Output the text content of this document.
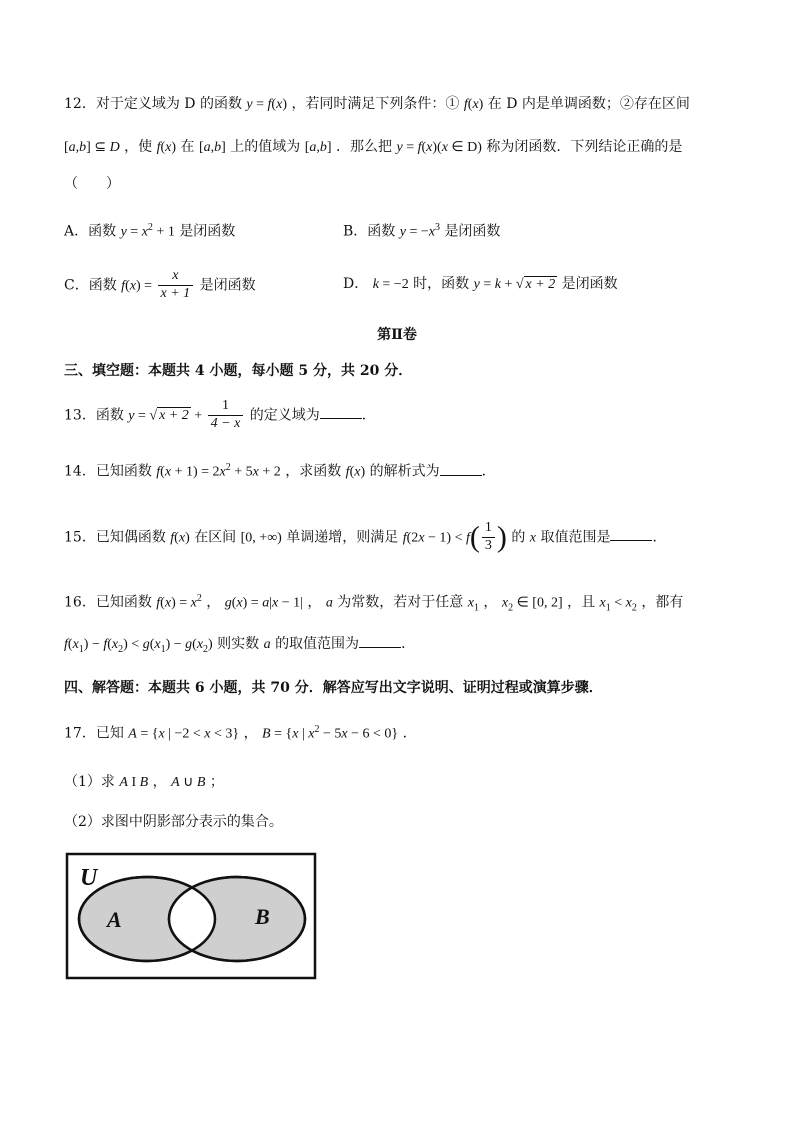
12．对于定义域为 D 的函数 y = f(x) ，若同时满足下列条件：① f(x) 在 D 内是单调函数；②存在区间
[a,b] ⊆ D ，使 f(x) 在 [a,b] 上的值域为 [a,b] ．那么把 y = f(x)(x ∈ D) 称为闭函数．下列结论正确的是
（　　）
A．函数 $y = x^2 + 1$ 是闭函数	B．函数 $y = -x^3$ 是闭函数
C．函数 $f(x) = \frac{x}{x + 1}$ 是闭函数	D． k = −2 时，函数 y = k + √ x + 2 是闭函数
第Ⅱ卷
三、填空题：本题共 4 小题，每小题 5 分，共 20 分．
13．函数 y = √ $x + 2 + \frac{1}{4 - x}$ 的定义域为	．
14．已知函数 $f(x + 1) = 2x^2 + 5x + 2$ ，求函数 f(x) 的解析式为	．
15．已知偶函数 f(x) 在区间 [0, +∞) 单调递增，则满足 $f(2x - 1) < f( \frac{1}{3}$ ) 的 x 取值范围是	．
16．已知函数 $f(x) = x^2$ ， g(x) = a|x − 1| ， a 为常数，若对于任意 $x_1$ ， $x_2$ ∈ [0, 2] ，且 $x_1 < x_2$ ，都有
$f(x_1) - f(x_2) < g(x_1) - g(x_2)$ 则实数 a 的取值范围为	．
四、解答题：本题共 6 小题，共 70 分．解答应写出文字说明、证明过程或演算步骤．
17．已知 A = {x | −2 < x < 3} ， B = {x | $x^2 - 5x - 6 < 0$} ．
（1）求 A I B ， A ∪ B ；
（2）求图中阴影部分表示的集合。
U
A	B
